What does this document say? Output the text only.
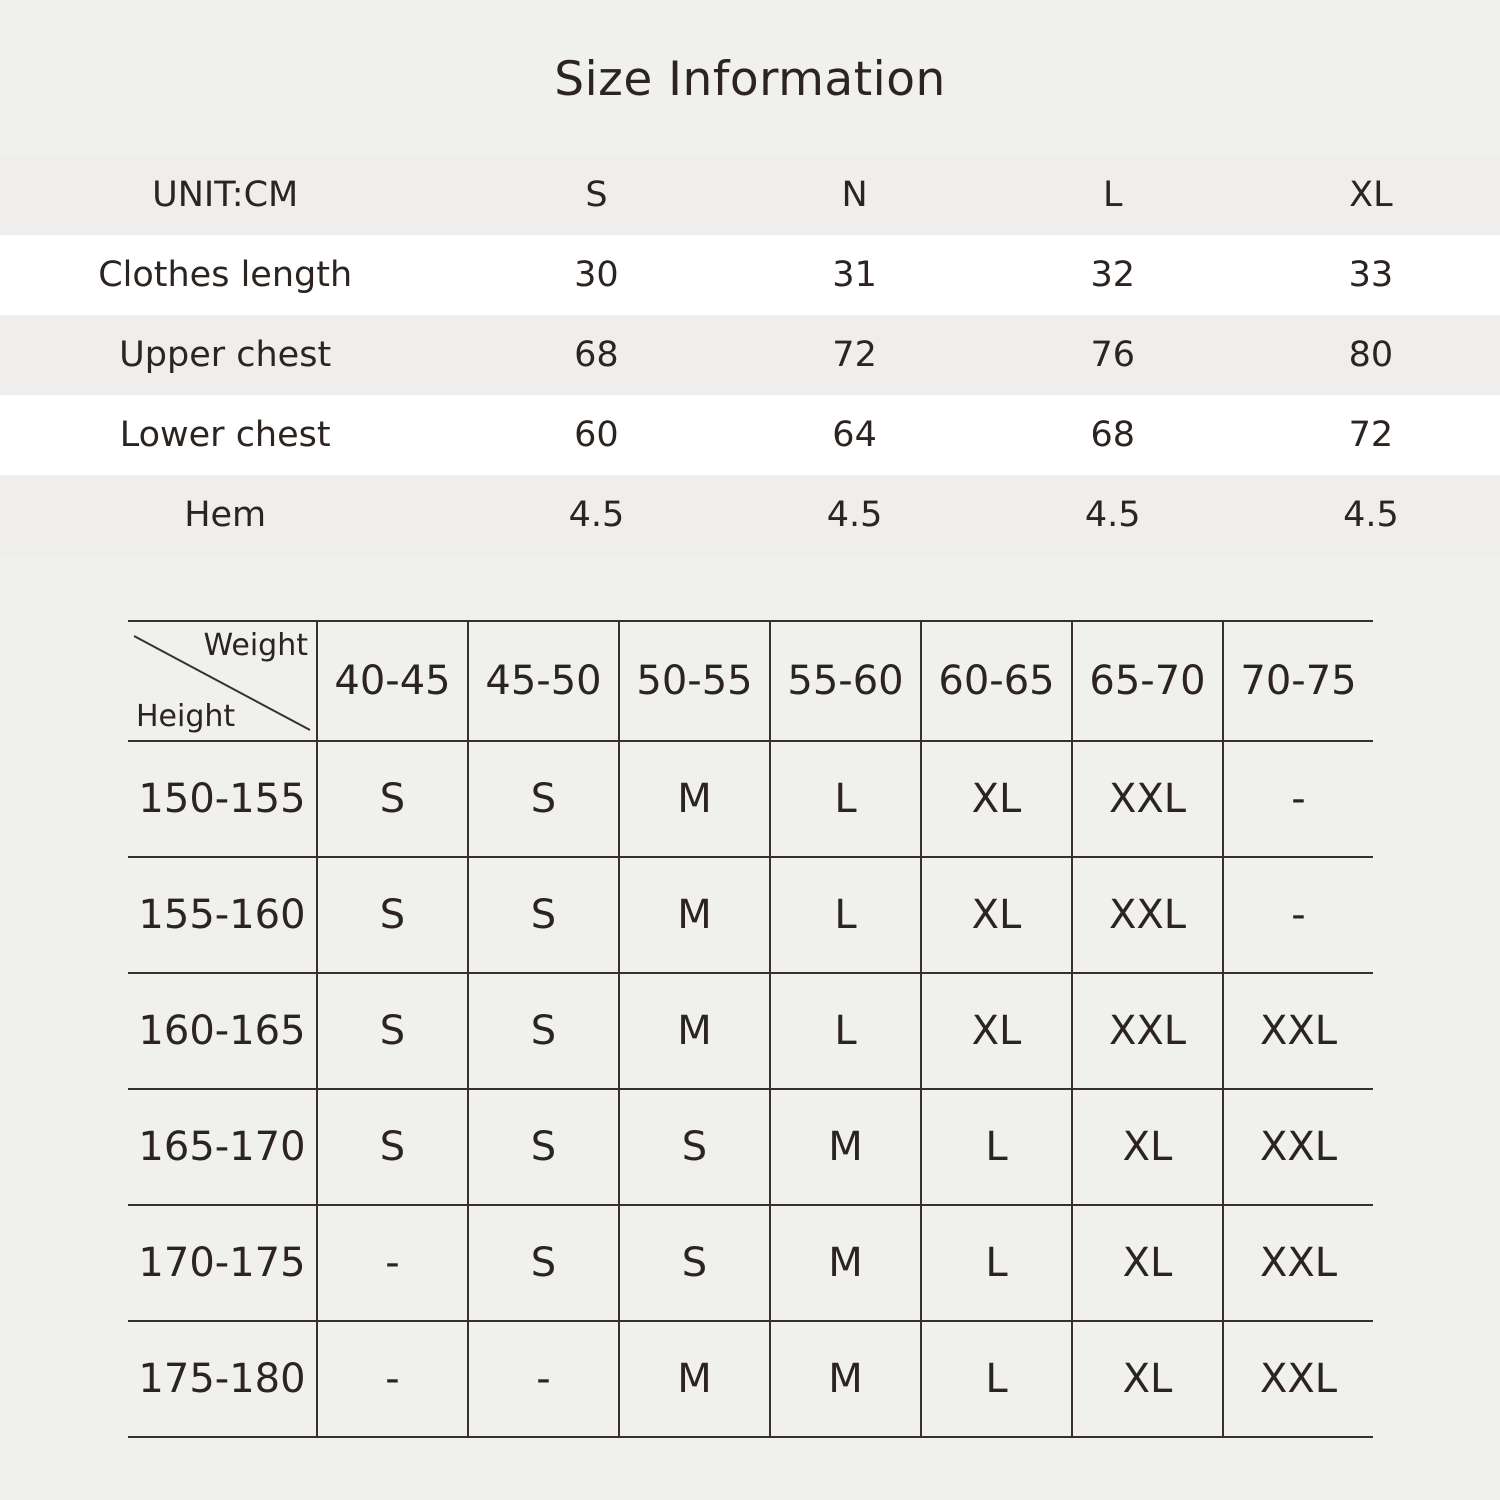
Size Information
UNIT:CM	S	N	L	XL
Clothes length	30	31	32	33
Upper chest	68	72	76	80
Lower chest	60	64	68	72
Hem	4.5	4.5	4.5	4.5
Weight
Height	40-45	45-50	50-55	55-60	60-65	65-70	70-75
150-155	S	S	M	L	XL	XXL	-
155-160	S	S	M	L	XL	XXL	-
160-165	S	S	M	L	XL	XXL	XXL
165-170	S	S	S	M	L	XL	XXL
170-175	-	S	S	M	L	XL	XXL
175-180	-	-	M	M	L	XL	XXL
